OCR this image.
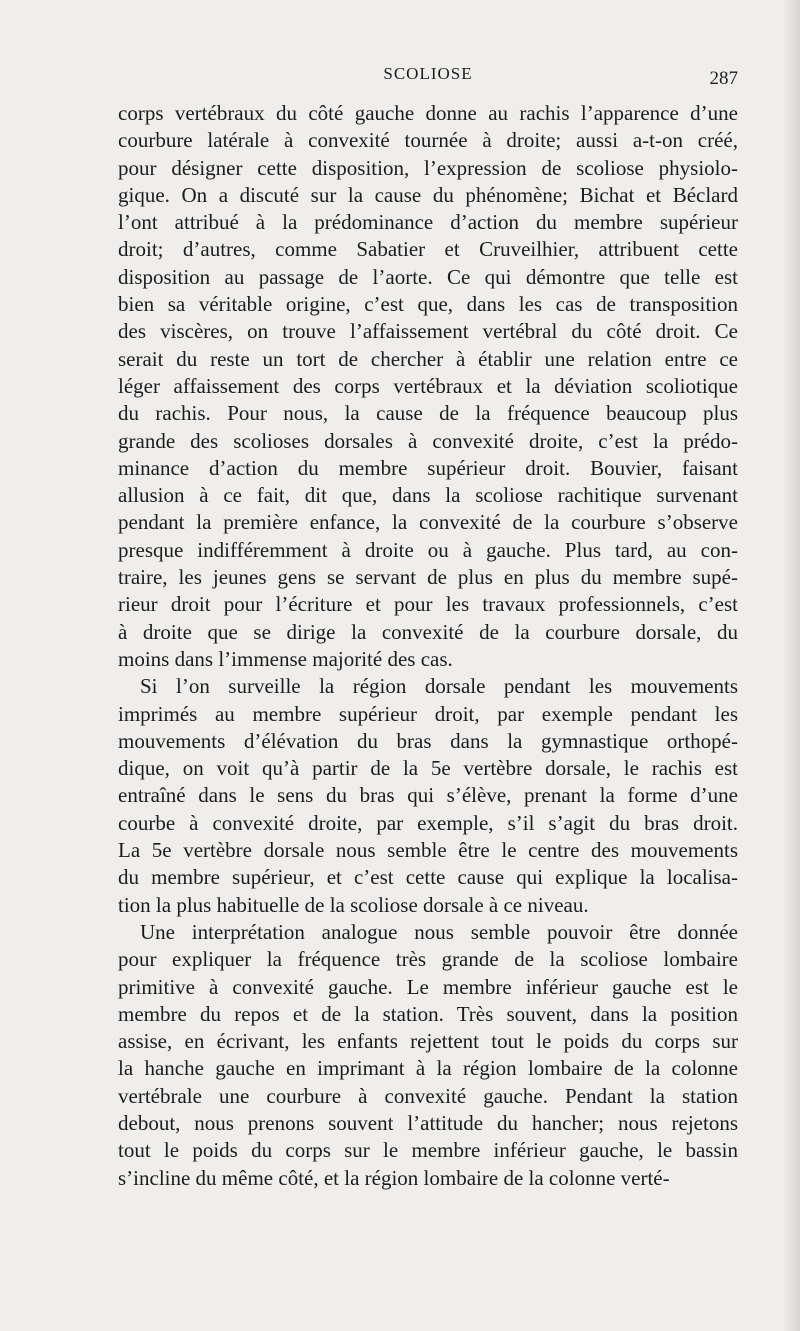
SCOLIOSE	287
corps vertébraux du côté gauche donne au rachis l’apparence d’une
courbure latérale à convexité tournée à droite; aussi a-t-on créé,
pour désigner cette disposition, l’expression de scoliose physiolo-
gique. On a discuté sur la cause du phénomène; Bichat et Béclard
l’ont attribué à la prédominance d’action du membre supérieur
droit; d’autres, comme Sabatier et Cruveilhier, attribuent cette
disposition au passage de l’aorte. Ce qui démontre que telle est
bien sa véritable origine, c’est que, dans les cas de transposition
des viscères, on trouve l’affaissement vertébral du côté droit. Ce
serait du reste un tort de chercher à établir une relation entre ce
léger affaissement des corps vertébraux et la déviation scoliotique
du rachis. Pour nous, la cause de la fréquence beaucoup plus
grande des scolioses dorsales à convexité droite, c’est la prédo-
minance d’action du membre supérieur droit. Bouvier, faisant
allusion à ce fait, dit que, dans la scoliose rachitique survenant
pendant la première enfance, la convexité de la courbure s’observe
presque indifféremment à droite ou à gauche. Plus tard, au con-
traire, les jeunes gens se servant de plus en plus du membre supé-
rieur droit pour l’écriture et pour les travaux professionnels, c’est
à droite que se dirige la convexité de la courbure dorsale, du
moins dans l’immense majorité des cas.
Si l’on surveille la région dorsale pendant les mouvements
imprimés au membre supérieur droit, par exemple pendant les
mouvements d’élévation du bras dans la gymnastique orthopé-
dique, on voit qu’à partir de la 5e vertèbre dorsale, le rachis est
entraîné dans le sens du bras qui s’élève, prenant la forme d’une
courbe à convexité droite, par exemple, s’il s’agit du bras droit.
La 5e vertèbre dorsale nous semble être le centre des mouvements
du membre supérieur, et c’est cette cause qui explique la localisa-
tion la plus habituelle de la scoliose dorsale à ce niveau.
Une interprétation analogue nous semble pouvoir être donnée
pour expliquer la fréquence très grande de la scoliose lombaire
primitive à convexité gauche. Le membre inférieur gauche est le
membre du repos et de la station. Très souvent, dans la position
assise, en écrivant, les enfants rejettent tout le poids du corps sur
la hanche gauche en imprimant à la région lombaire de la colonne
vertébrale une courbure à convexité gauche. Pendant la station
debout, nous prenons souvent l’attitude du hancher; nous rejetons
tout le poids du corps sur le membre inférieur gauche, le bassin
s’incline du même côté, et la région lombaire de la colonne verté-
